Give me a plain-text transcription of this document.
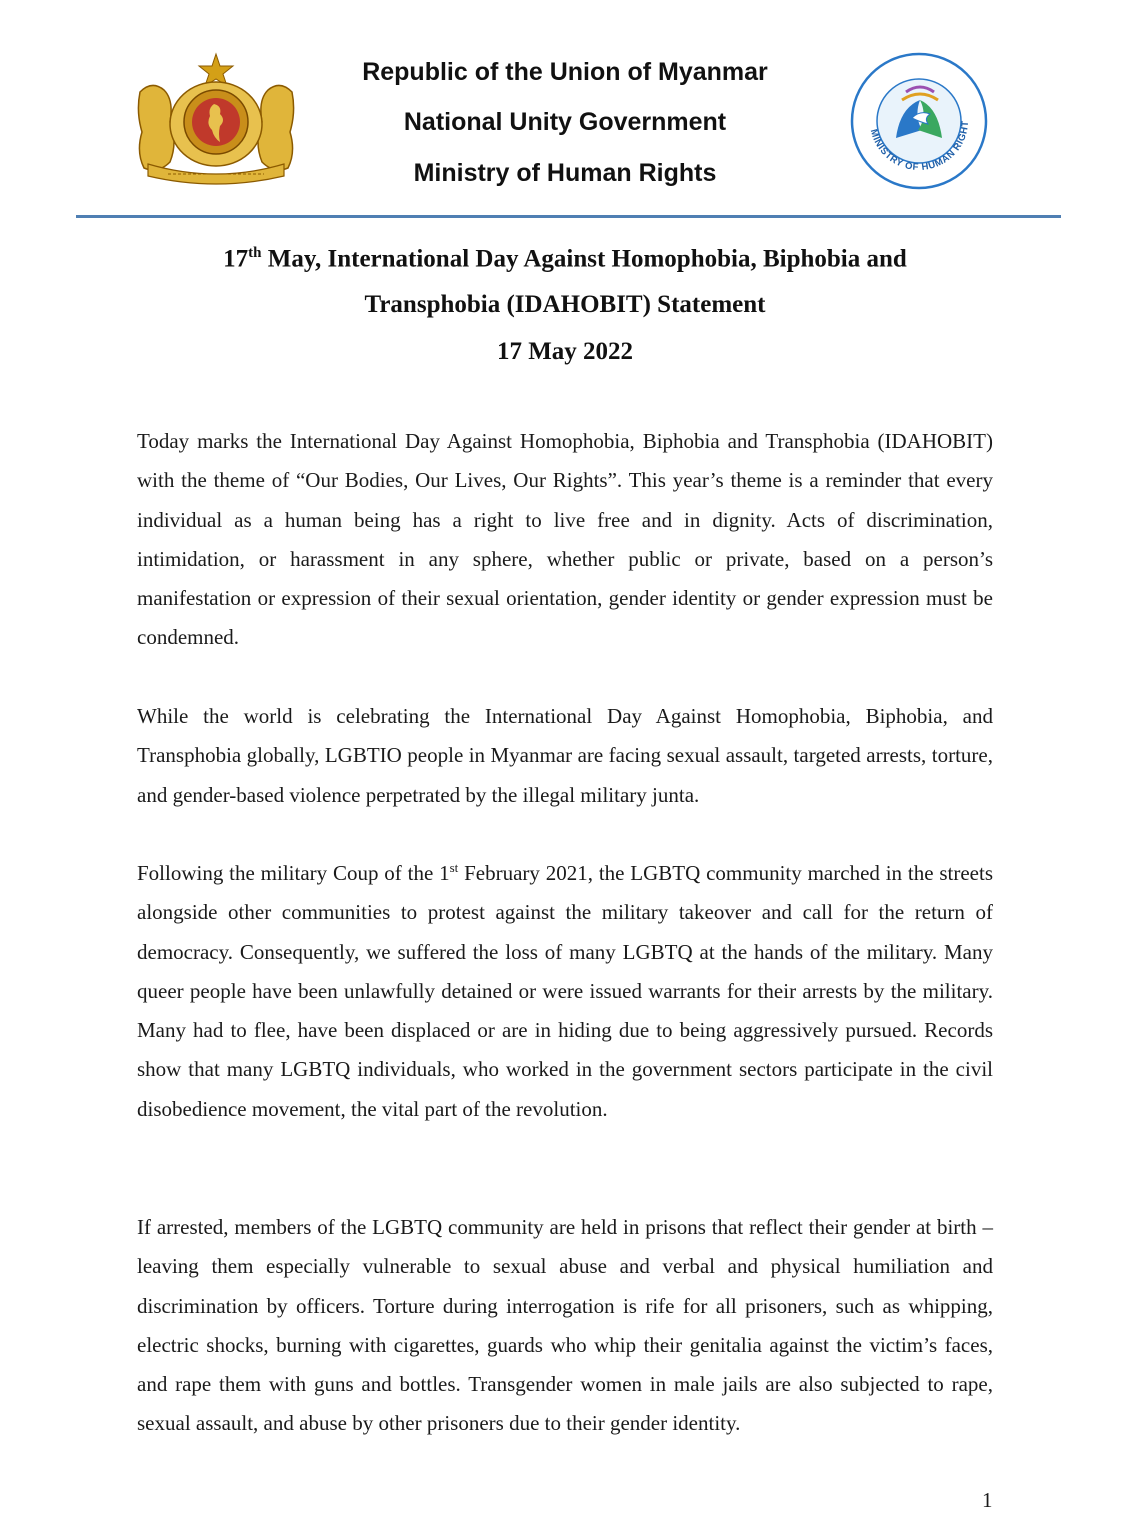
Republic of the Union of Myanmar
National Unity Government
Ministry of Human Rights
MINISTRY OF HUMAN RIGHT
17th May, International Day Against Homophobia, Biphobia and
Transphobia (IDAHOBIT) Statement
17 May 2022

Today marks the International Day Against Homophobia, Biphobia and Transphobia (IDAHOBIT) with the theme of “Our Bodies, Our Lives, Our Rights”. This year’s theme is a reminder that every individual as a human being has a right to live free and in dignity. Acts of discrimination, intimidation, or harassment in any sphere, whether public or private, based on a person’s manifestation or expression of their sexual orientation, gender identity or gender expression must be condemned.

While the world is celebrating the International Day Against Homophobia, Biphobia, and Transphobia globally, LGBTIO people in Myanmar are facing sexual assault, targeted arrests, torture, and gender-based violence perpetrated by the illegal military junta.

Following the military Coup of the 1st February 2021, the LGBTQ community marched in the streets alongside other communities to protest against the military takeover and call for the return of democracy. Consequently, we suffered the loss of many LGBTQ at the hands of the military. Many queer people have been unlawfully detained or were issued warrants for their arrests by the military. Many had to flee, have been displaced or are in hiding due to being aggressively pursued. Records show that many LGBTQ individuals, who worked in the government sectors participate in the civil disobedience movement, the vital part of the revolution.

If arrested, members of the LGBTQ community are held in prisons that reflect their gender at birth – leaving them especially vulnerable to sexual abuse and verbal and physical humiliation and discrimination by officers. Torture during interrogation is rife for all prisoners, such as whipping, electric shocks, burning with cigarettes, guards who whip their genitalia against the victim’s faces, and rape them with guns and bottles. Transgender women in male jails are also subjected to rape, sexual assault, and abuse by other prisoners due to their gender identity.

1
